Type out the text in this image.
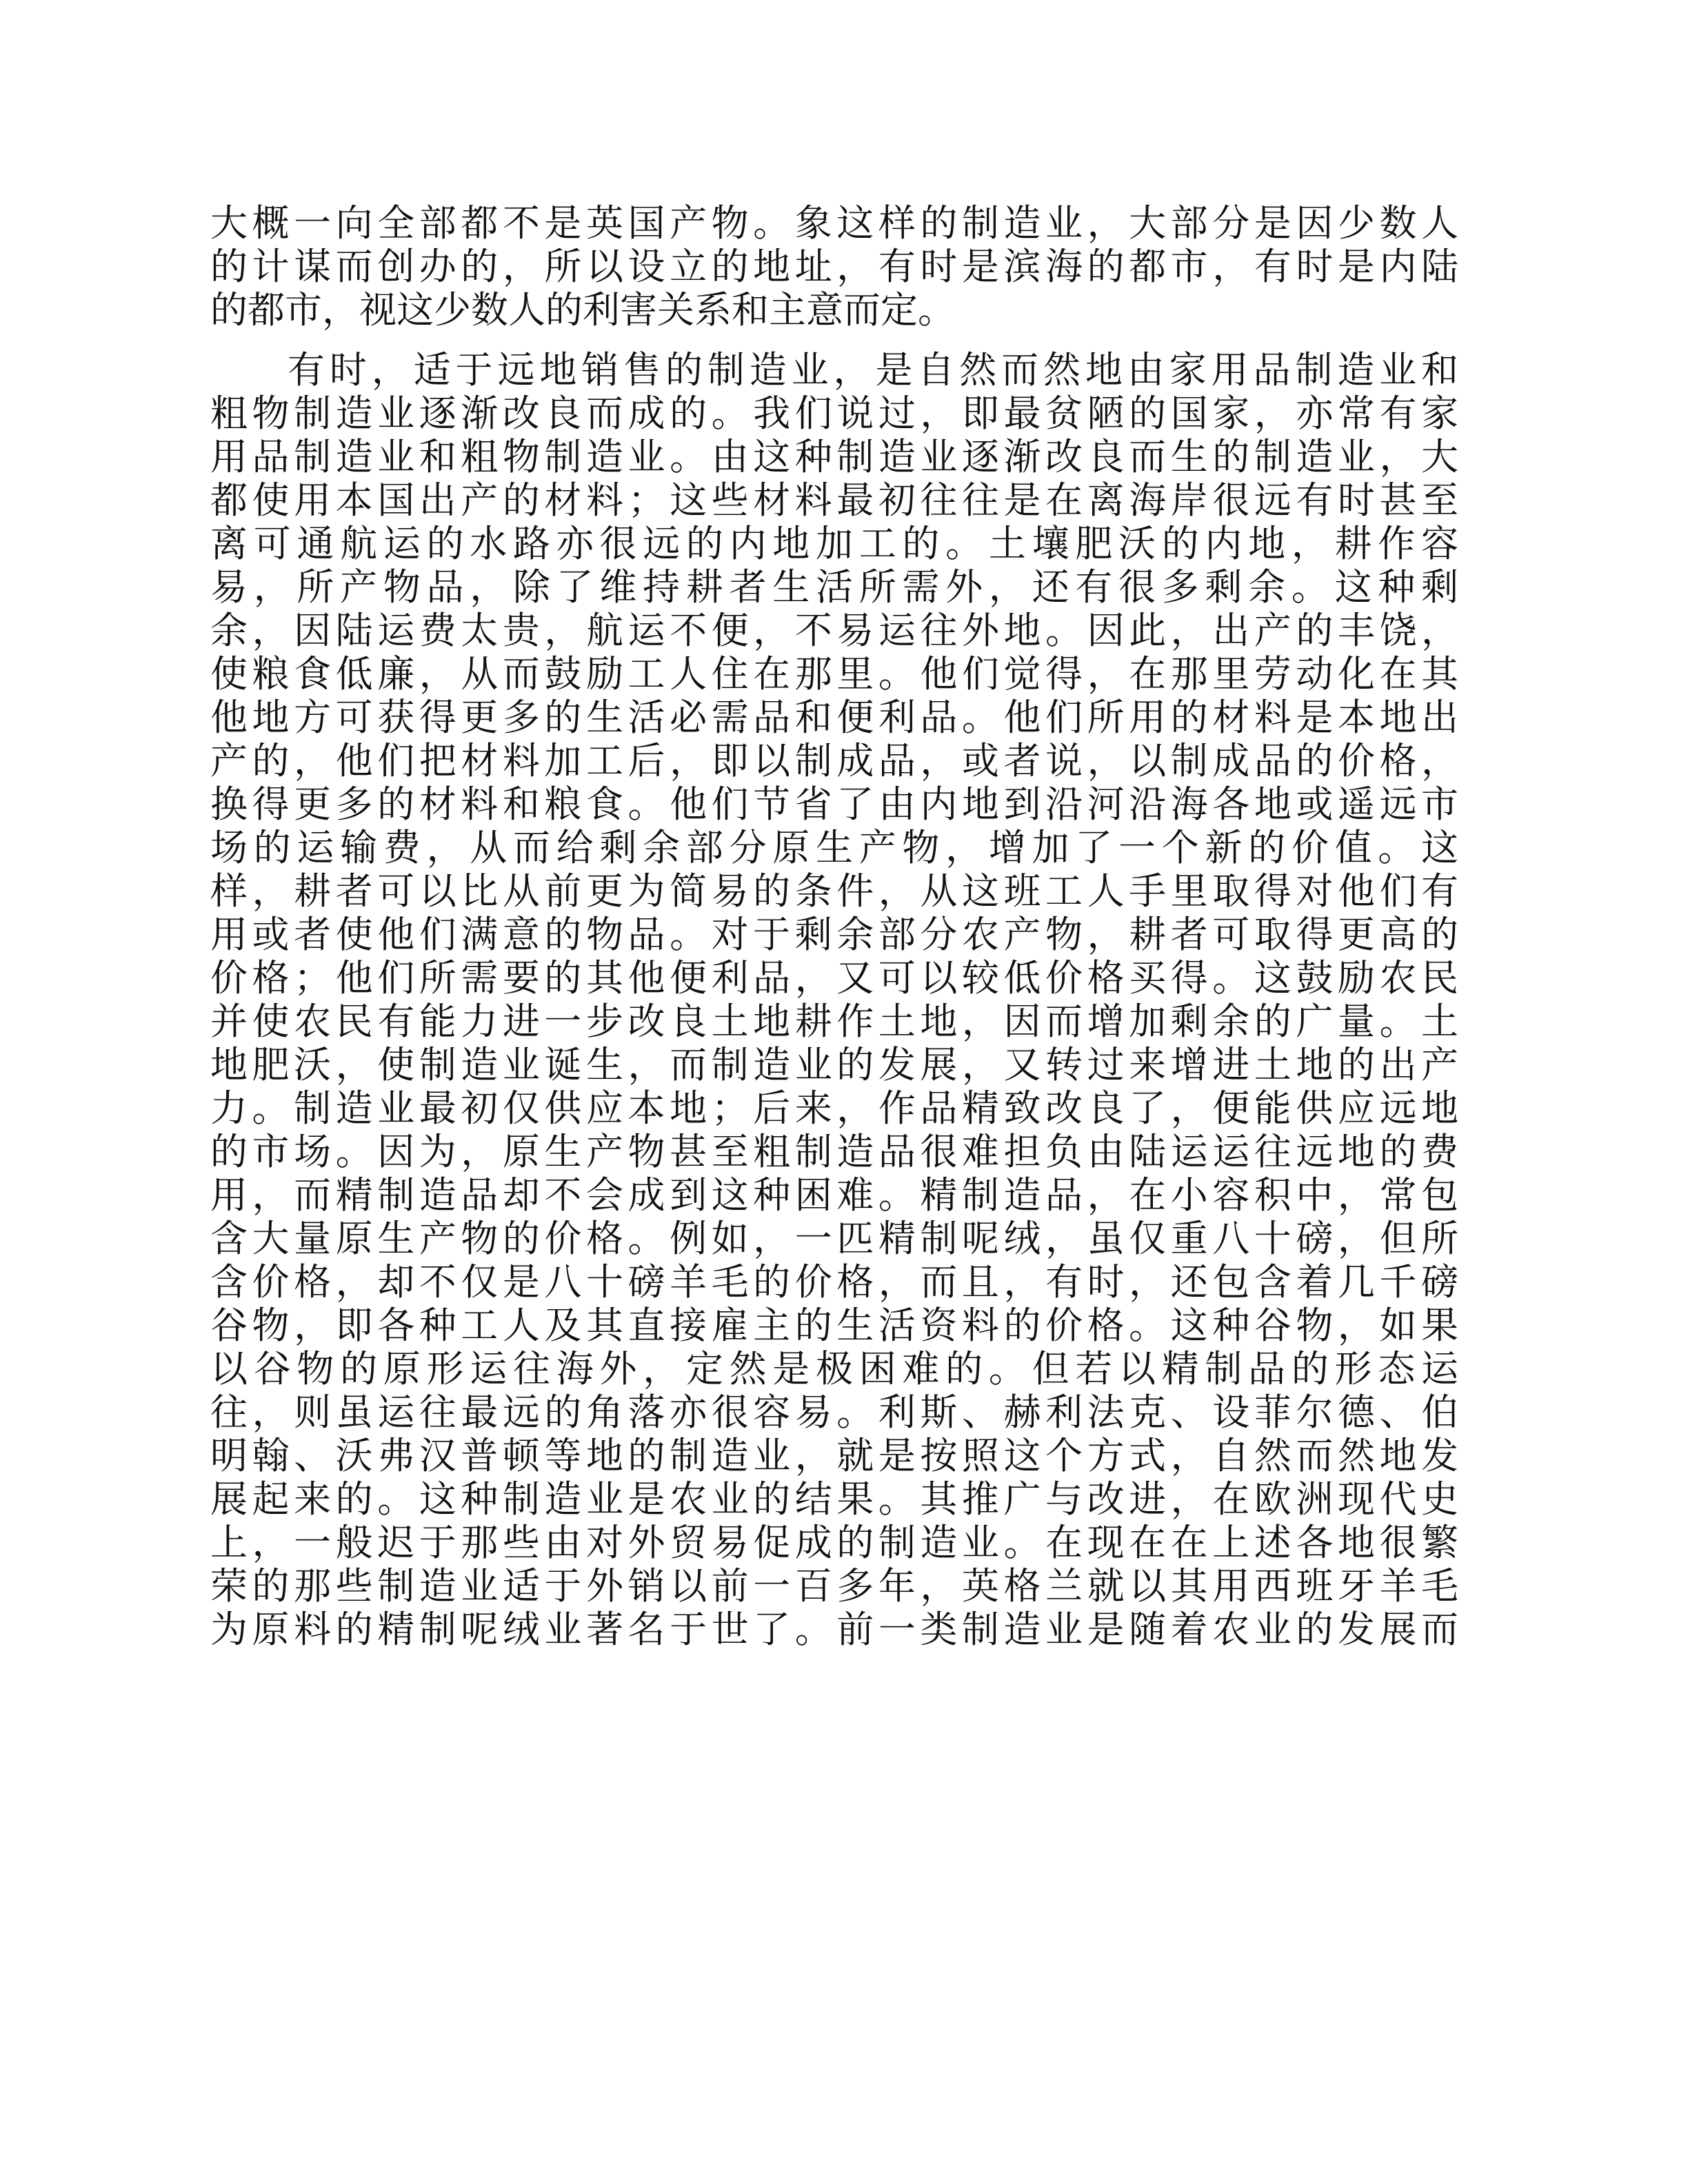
大概一向全部都不是英国产物。象这样的制造业，大部分是因少数人
的计谋而创办的，所以设立的地址，有时是滨海的都市，有时是内陆
的都市，视这少数人的利害关系和主意而定。
有时，适于远地销售的制造业，是自然而然地由家用品制造业和
粗物制造业逐渐改良而成的。我们说过，即最贫陋的国家，亦常有家
用品制造业和粗物制造业。由这种制造业逐渐改良而生的制造业，大
都使用本国出产的材料；这些材料最初往往是在离海岸很远有时甚至
离可通航运的水路亦很远的内地加工的。土壤肥沃的内地，耕作容
易，所产物品，除了维持耕者生活所需外，还有很多剩余。这种剩
余，因陆运费太贵，航运不便，不易运往外地。因此，出产的丰饶，
使粮食低廉，从而鼓励工人住在那里。他们觉得，在那里劳动化在其
他地方可获得更多的生活必需品和便利品。他们所用的材料是本地出
产的，他们把材料加工后，即以制成品，或者说，以制成品的价格，
换得更多的材料和粮食。他们节省了由内地到沿河沿海各地或遥远市
场的运输费，从而给剩余部分原生产物，增加了一个新的价值。这
样，耕者可以比从前更为简易的条件，从这班工人手里取得对他们有
用或者使他们满意的物品。对于剩余部分农产物，耕者可取得更高的
价格；他们所需要的其他便利品，又可以较低价格买得。这鼓励农民
并使农民有能力进一步改良土地耕作土地，因而增加剩余的广量。土
地肥沃，使制造业诞生，而制造业的发展，又转过来增进土地的出产
力。制造业最初仅供应本地；后来，作品精致改良了，便能供应远地
的市场。因为，原生产物甚至粗制造品很难担负由陆运运往远地的费
用，而精制造品却不会成到这种困难。精制造品，在小容积中，常包
含大量原生产物的价格。例如，一匹精制呢绒，虽仅重八十磅，但所
含价格，却不仅是八十磅羊毛的价格，而且，有时，还包含着几千磅
谷物，即各种工人及其直接雇主的生活资料的价格。这种谷物，如果
以谷物的原形运往海外，定然是极困难的。但若以精制品的形态运
往，则虽运往最远的角落亦很容易。利斯、赫利法克、设菲尔德、伯
明翰、沃弗汉普顿等地的制造业，就是按照这个方式，自然而然地发
展起来的。这种制造业是农业的结果。其推广与改进，在欧洲现代史
上，一般迟于那些由对外贸易促成的制造业。在现在在上述各地很繁
荣的那些制造业适于外销以前一百多年，英格兰就以其用西班牙羊毛
为原料的精制呢绒业著名于世了。前一类制造业是随着农业的发展而
